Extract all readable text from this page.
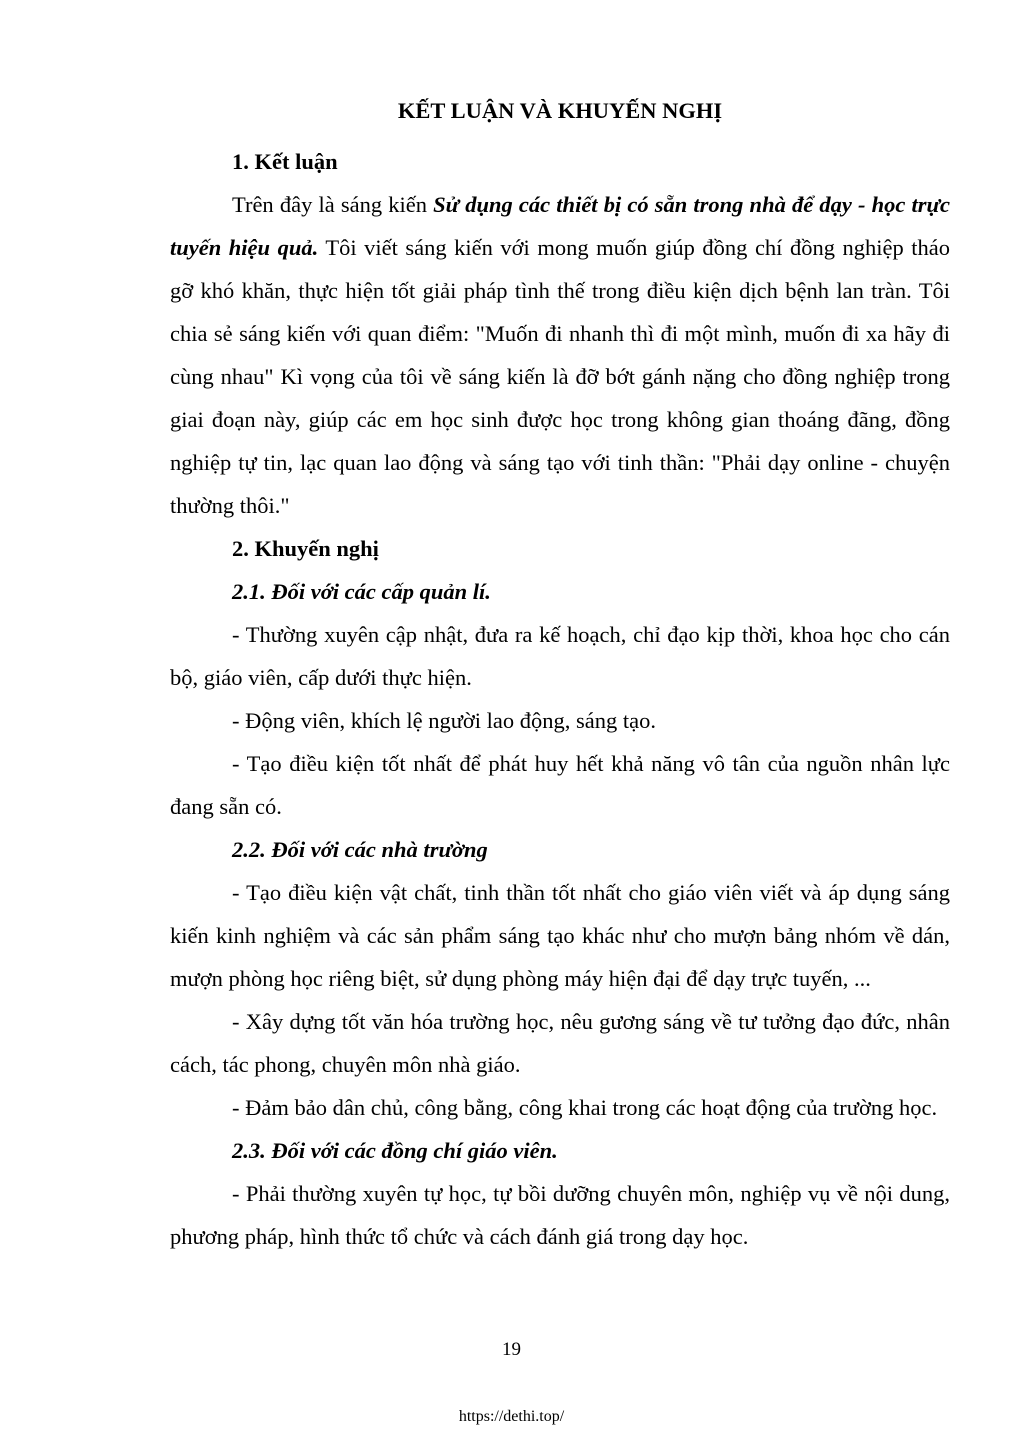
KẾT LUẬN VÀ KHUYẾN NGHỊ

1. Kết luận

Trên đây là sáng kiến Sử dụng các thiết bị có sẵn trong nhà để dạy - học trực tuyến hiệu quả. Tôi viết sáng kiến với mong muốn giúp đồng chí đồng nghiệp tháo gỡ khó khăn, thực hiện tốt giải pháp tình thế trong điều kiện dịch bệnh lan tràn. Tôi chia sẻ sáng kiến với quan điểm: "Muốn đi nhanh thì đi một mình, muốn đi xa hãy đi cùng nhau" Kì vọng của tôi về sáng kiến là đỡ bớt gánh nặng cho đồng nghiệp trong giai đoạn này, giúp các em học sinh được học trong không gian thoáng đãng, đồng nghiệp tự tin, lạc quan lao động và sáng tạo với tinh thần: "Phải dạy online - chuyện thường thôi."

2. Khuyến nghị

2.1. Đối với các cấp quản lí.

- Thường xuyên cập nhật, đưa ra kế hoạch, chỉ đạo kịp thời, khoa học cho cán bộ, giáo viên, cấp dưới thực hiện.

- Động viên, khích lệ người lao động, sáng tạo.

- Tạo điều kiện tốt nhất để phát huy hết khả năng vô tân của nguồn nhân lực đang sẵn có.

2.2. Đối với các nhà trường

- Tạo điều kiện vật chất, tinh thần tốt nhất cho giáo viên viết và áp dụng sáng kiến kinh nghiệm và các sản phẩm sáng tạo khác như cho mượn bảng nhóm về dán, mượn phòng học riêng biệt, sử dụng phòng máy hiện đại để dạy trực tuyến, ...

- Xây dựng tốt văn hóa trường học, nêu gương sáng về tư tưởng đạo đức, nhân cách, tác phong, chuyên môn nhà giáo.

- Đảm bảo dân chủ, công bằng, công khai trong các hoạt động của trường học.

2.3. Đối với các đồng chí giáo viên.

- Phải thường xuyên tự học, tự bồi dưỡng chuyên môn, nghiệp vụ về nội dung, phương pháp, hình thức tổ chức và cách đánh giá trong dạy học.

19
https://dethi.top/
